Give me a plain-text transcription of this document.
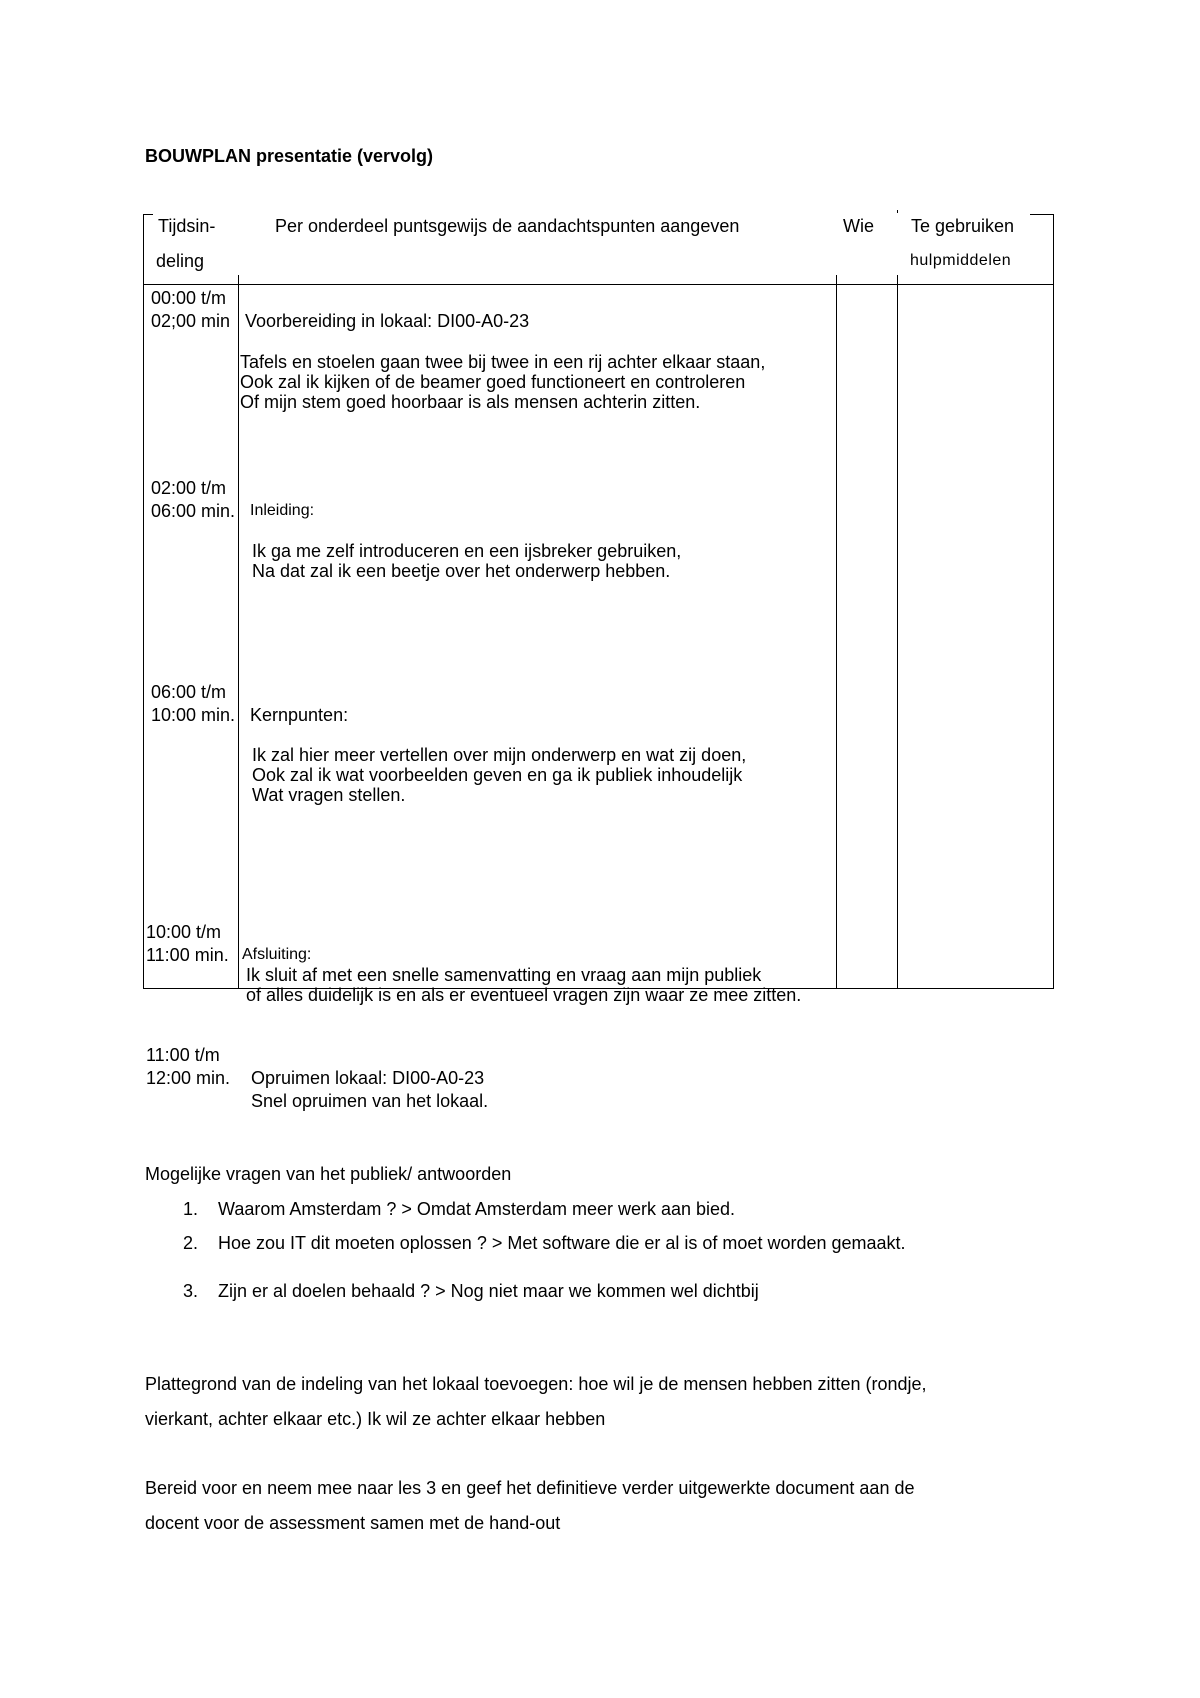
BOUWPLAN presentatie (vervolg)
Tijdsin-
deling
Per onderdeel puntsgewijs de aandachtspunten aangeven	Wie Te gebruiken
hulpmiddelen
00:00 t/m
02;00 min Voorbereiding in lokaal: DI00-A0-23
Tafels en stoelen gaan twee bij twee in een rij achter elkaar staan,
Ook zal ik kijken of de beamer goed functioneert en controleren
Of mijn stem goed hoorbaar is als mensen achterin zitten.
02:00 t/m
06:00 min. Inleiding:
Ik ga me zelf introduceren en een ijsbreker gebruiken,
Na dat zal ik een beetje over het onderwerp hebben.
06:00 t/m
10:00 min. Kernpunten:
Ik zal hier meer vertellen over mijn onderwerp en wat zij doen,
Ook zal ik wat voorbeelden geven en ga ik publiek inhoudelijk
Wat vragen stellen.
10:00 t/m
11:00 min. Afsluiting:
Ik sluit af met een snelle samenvatting en vraag aan mijn publiek
of alles duidelijk is en als er eventueel vragen zijn waar ze mee zitten.
11:00 t/m
12:00 min. Opruimen lokaal: DI00-A0-23
Snel opruimen van het lokaal.
Mogelijke vragen van het publiek/ antwoorden
1. Waarom Amsterdam ? > Omdat Amsterdam meer werk aan bied.
2. Hoe zou IT dit moeten oplossen ? > Met software die er al is of moet worden gemaakt.
3. Zijn er al doelen behaald ? > Nog niet maar we kommen wel dichtbij
Plattegrond van de indeling van het lokaal toevoegen: hoe wil je de mensen hebben zitten (rondje,
vierkant, achter elkaar etc.) Ik wil ze achter elkaar hebben
Bereid voor en neem mee naar les 3 en geef het definitieve verder uitgewerkte document aan de
docent voor de assessment samen met de hand-out
